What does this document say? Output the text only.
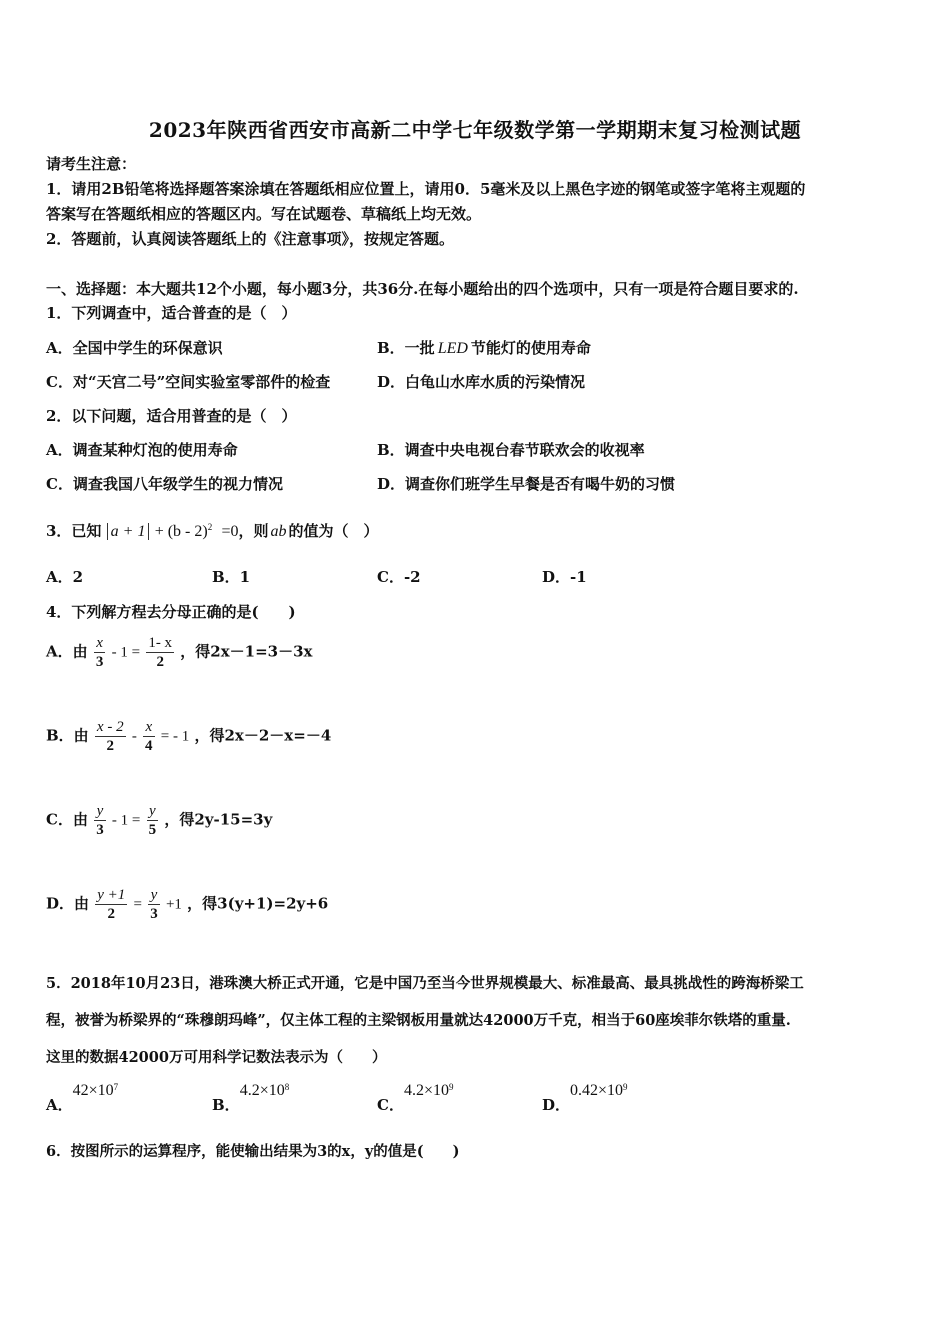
2023年陕西省西安市高新二中学七年级数学第一学期期末复习检测试题
请考生注意：
1．请用2B铅笔将选择题答案涂填在答题纸相应位置上，请用0．5毫米及以上黑色字迹的钢笔或签字笔将主观题的
答案写在答题纸相应的答题区内。写在试题卷、草稿纸上均无效。
2．答题前，认真阅读答题纸上的《注意事项》，按规定答题。
一、选择题：本大题共12个小题，每小题3分，共36分.在每小题给出的四个选项中，只有一项是符合题目要求的.
1．下列调查中，适合普查的是（　）
A．全国中学生的环保意识	B．一批 LED 节能灯的使用寿命
C．对“天宫二号”空间实验室零部件的检查	D．白龟山水库水质的污染情况
2．以下问题，适合用普查的是（　）
A．调查某种灯泡的使用寿命	B．调查中央电视台春节联欢会的收视率
C．调查我国八年级学生的视力情况	D．调查你们班学生早餐是否有喝牛奶的习惯
3．已知 a + 1 + (b - 2)$^2$ =0，则 ab 的值为（　）
A．2	B．1	C．-2	D．-1
4．下列解方程去分母正确的是(　　)
A．由 $\frac{x}{3} - 1 = \frac{1- x}{2}$ ，得2x－1=3－3x
B．由 $\frac{x - 2}{2} - \frac{x}{4}$ = - 1 ，得2x－2－x=－4
C．由 $\frac{y}{3} - 1 = \frac{y}{5}$ ，得2y-15=3y
D．由 $\frac{y +1}{2} = \frac{y}{3} +1$ ，得3(y+1)=2y+6
5．2018年10月23日，港珠澳大桥正式开通，它是中国乃至当今世界规模最大、标准最高、最具挑战性的跨海桥梁工
程，被誉为桥梁界的“珠穆朗玛峰”，仅主体工程的主梁钢板用量就达42000万千克，相当于60座埃菲尔铁塔的重量.
这里的数据42000万可用科学记数法表示为（　　）
A．$42\times 10^7$
B．$4.2\times 10^8$
C．$4.2\times 10^9$
D．$0.42\times 10^9$
6．按图所示的运算程序，能使输出结果为3的x，y的值是(　　)
